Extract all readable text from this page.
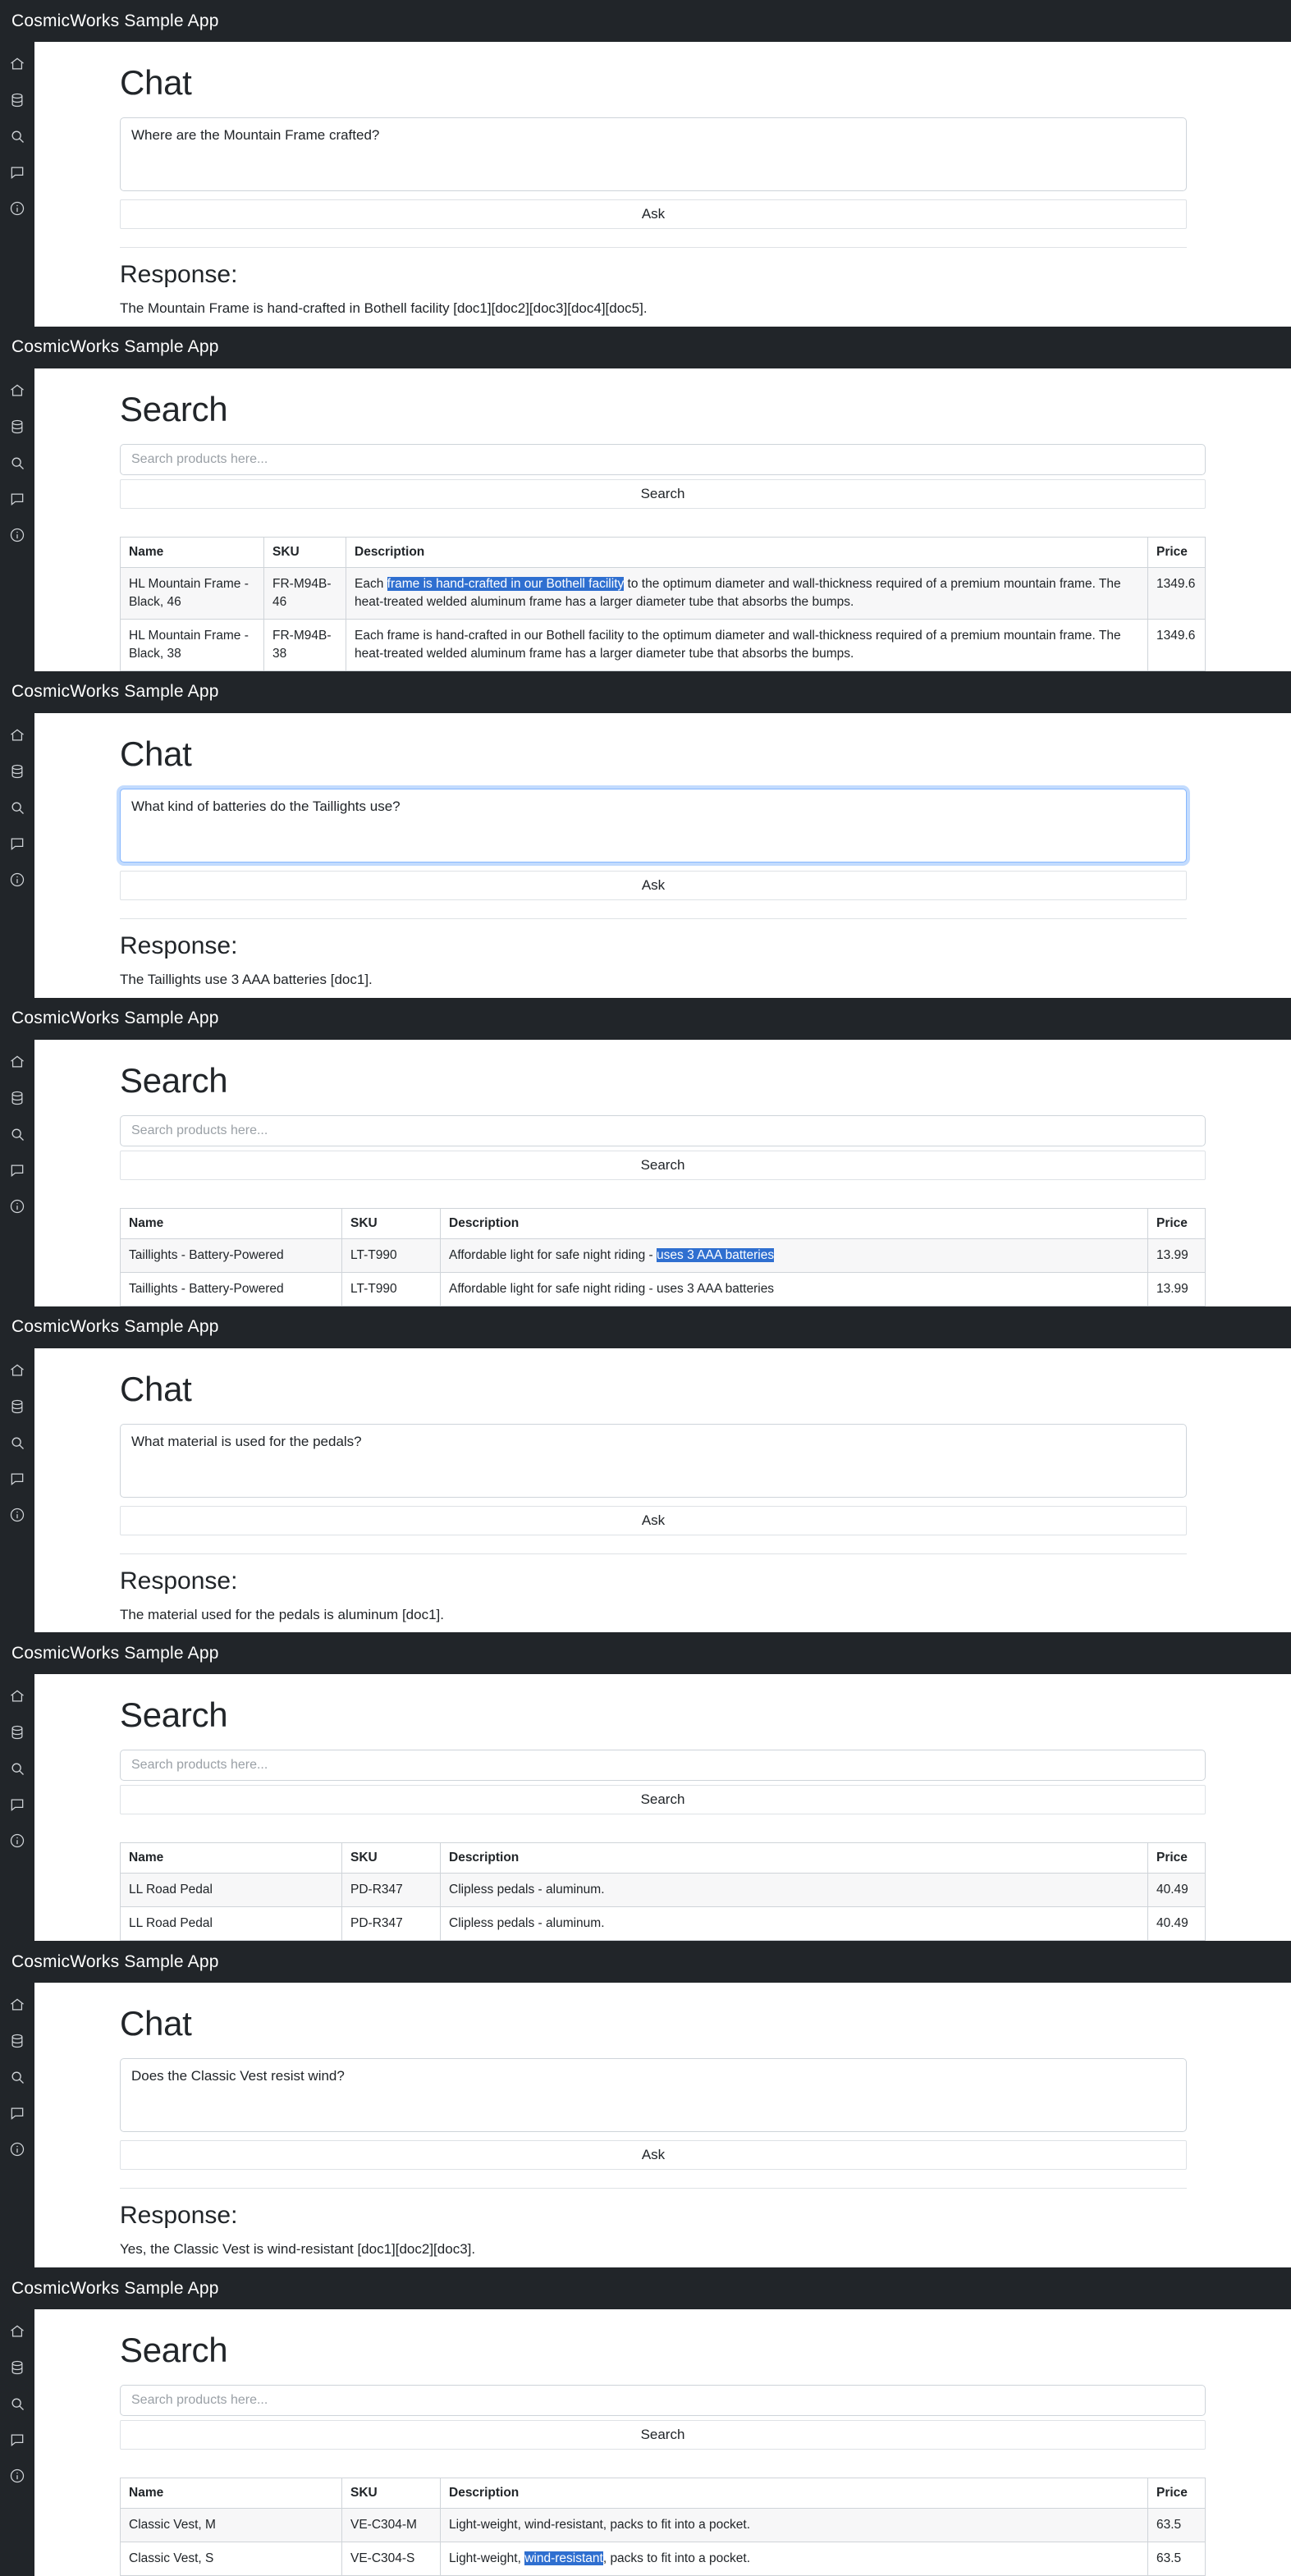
CosmicWorks Sample App
Chat
Where are the Mountain Frame crafted?Ask
Response:

The Mountain Frame is hand-crafted in Bothell facility [doc1][doc2][doc3][doc4][doc5].

CosmicWorks Sample App
Search
Search products here...Search
Name	SKU	Description	Price
HL Mountain Frame - Black, 46	FR-M94B-46	Each frame is hand-crafted in our Bothell facility to the optimum diameter and wall-thickness required of a premium mountain frame. The heat-treated welded aluminum frame has a larger diameter tube that absorbs the bumps.	1349.6
HL Mountain Frame - Black, 38	FR-M94B-38	Each frame is hand-crafted in our Bothell facility to the optimum diameter and wall-thickness required of a premium mountain frame. The heat-treated welded aluminum frame has a larger diameter tube that absorbs the bumps.	1349.6
CosmicWorks Sample App
Chat
What kind of batteries do the Taillights use?Ask
Response:

The Taillights use 3 AAA batteries [doc1].

CosmicWorks Sample App
Search
Search products here...Search
Name	SKU	Description	Price
Taillights - Battery-Powered	LT-T990	Affordable light for safe night riding - uses 3 AAA batteries	13.99
Taillights - Battery-Powered	LT-T990	Affordable light for safe night riding - uses 3 AAA batteries	13.99
CosmicWorks Sample App
Chat
What material is used for the pedals?Ask
Response:

The material used for the pedals is aluminum [doc1].

CosmicWorks Sample App
Search
Search products here...Search
Name	SKU	Description	Price
LL Road Pedal	PD-R347	Clipless pedals - aluminum.	40.49
LL Road Pedal	PD-R347	Clipless pedals - aluminum.	40.49
CosmicWorks Sample App
Chat
Does the Classic Vest resist wind?Ask
Response:

Yes, the Classic Vest is wind-resistant [doc1][doc2][doc3].

CosmicWorks Sample App
Search
Search products here...Search
Name	SKU	Description	Price
Classic Vest, M	VE-C304-M	Light-weight, wind-resistant, packs to fit into a pocket.	63.5
Classic Vest, S	VE-C304-S	Light-weight, wind-resistant, packs to fit into a pocket.	63.5
